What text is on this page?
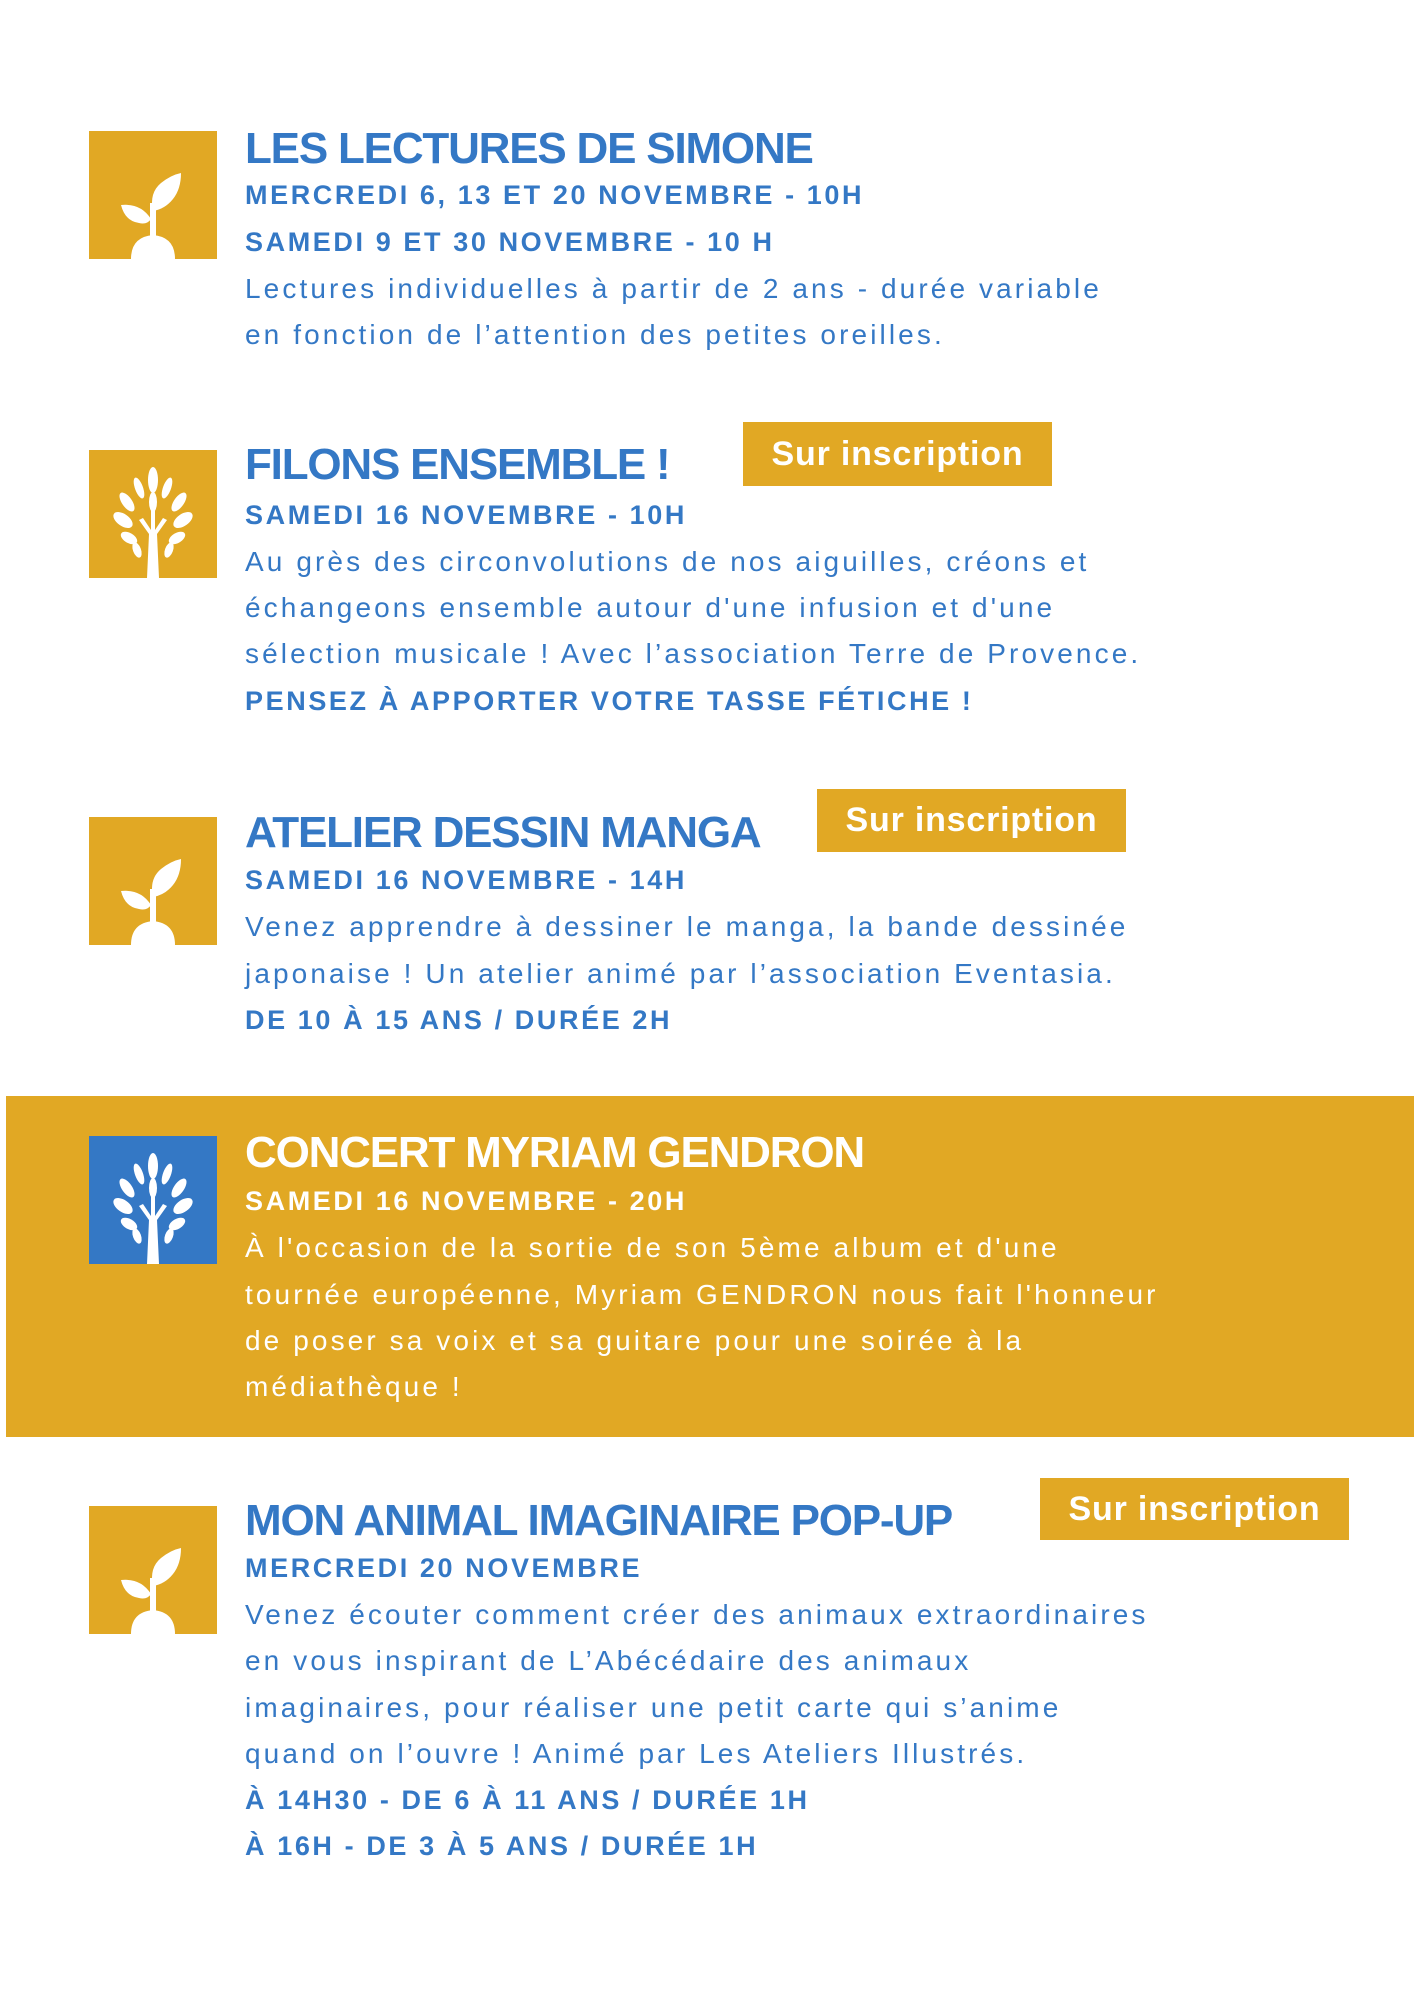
LES LECTURES DE SIMONE
MERCREDI 6, 13 ET 20 NOVEMBRE - 10H
SAMEDI 9 ET 30 NOVEMBRE - 10 H
Lectures individuelles à partir de 2 ans - durée variable
en fonction de l’attention des petites oreilles.
FILONS ENSEMBLE !	Sur inscription
SAMEDI 16 NOVEMBRE - 10H
Au grès des circonvolutions de nos aiguilles, créons et
échangeons ensemble autour d'une infusion et d'une
sélection musicale ! Avec l’association Terre de Provence.
PENSEZ À APPORTER VOTRE TASSE FÉTICHE !
ATELIER DESSIN MANGA	Sur inscription
SAMEDI 16 NOVEMBRE - 14H
Venez apprendre à dessiner le manga, la bande dessinée
japonaise ! Un atelier animé par l’association Eventasia.
DE 10 À 15 ANS / DURÉE 2H
CONCERT MYRIAM GENDRON
SAMEDI 16 NOVEMBRE - 20H
À l'occasion de la sortie de son 5ème album et d'une
tournée européenne, Myriam GENDRON nous fait l'honneur
de poser sa voix et sa guitare pour une soirée à la
médiathèque !
MON ANIMAL IMAGINAIRE POP-UP	Sur inscription
MERCREDI 20 NOVEMBRE
Venez écouter comment créer des animaux extraordinaires
en vous inspirant de L’Abécédaire des animaux
imaginaires, pour réaliser une petit carte qui s’anime
quand on l’ouvre ! Animé par Les Ateliers Illustrés.
À 14H30 - DE 6 À 11 ANS / DURÉE 1H
À 16H - DE 3 À 5 ANS / DURÉE 1H
